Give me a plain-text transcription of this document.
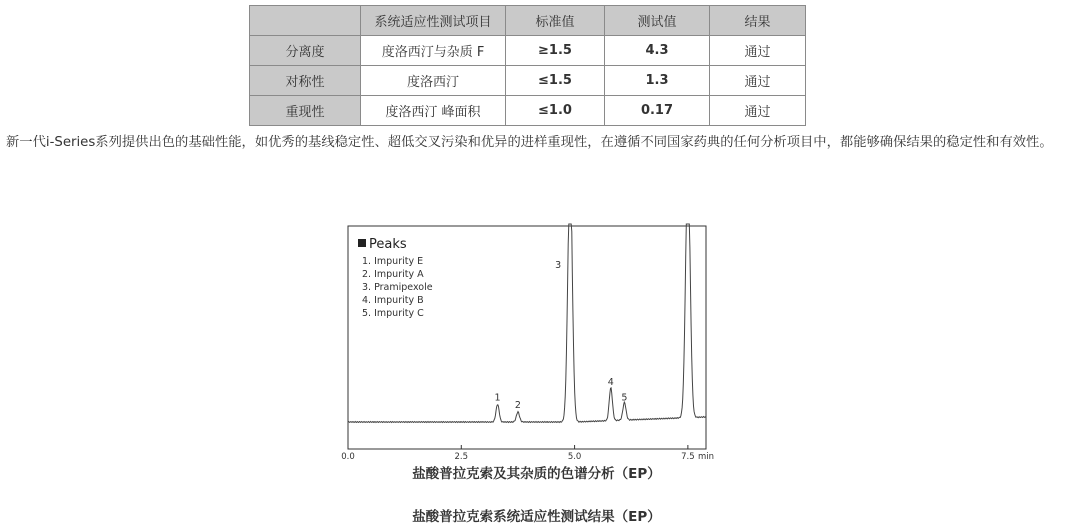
	系统适应性测试项目	标准值	测试值	结果
分离度	度洛西汀与杂质 F	≥1.5	4.3	通过
对称性	度洛西汀	≤1.5	1.3	通过
重现性	度洛西汀 峰面积	≤1.0	0.17	通过

新一代i-Series系列提供出色的基础性能，如优秀的基线稳定性、超低交叉污染和优异的进样重现性，在遵循不同国家药典的任何分析项目中，都能够确保结果的稳定性和有效性。

Peaks
1. Impurity E
2. Impurity A
3. Pramipexole
4. Impurity B
5. Impurity C
1
2
3
4
5
0.0	2.5	5.0	7.5 min
盐酸普拉克索及其杂质的色谱分析（EP）
盐酸普拉克索系统适应性测试结果（EP）
